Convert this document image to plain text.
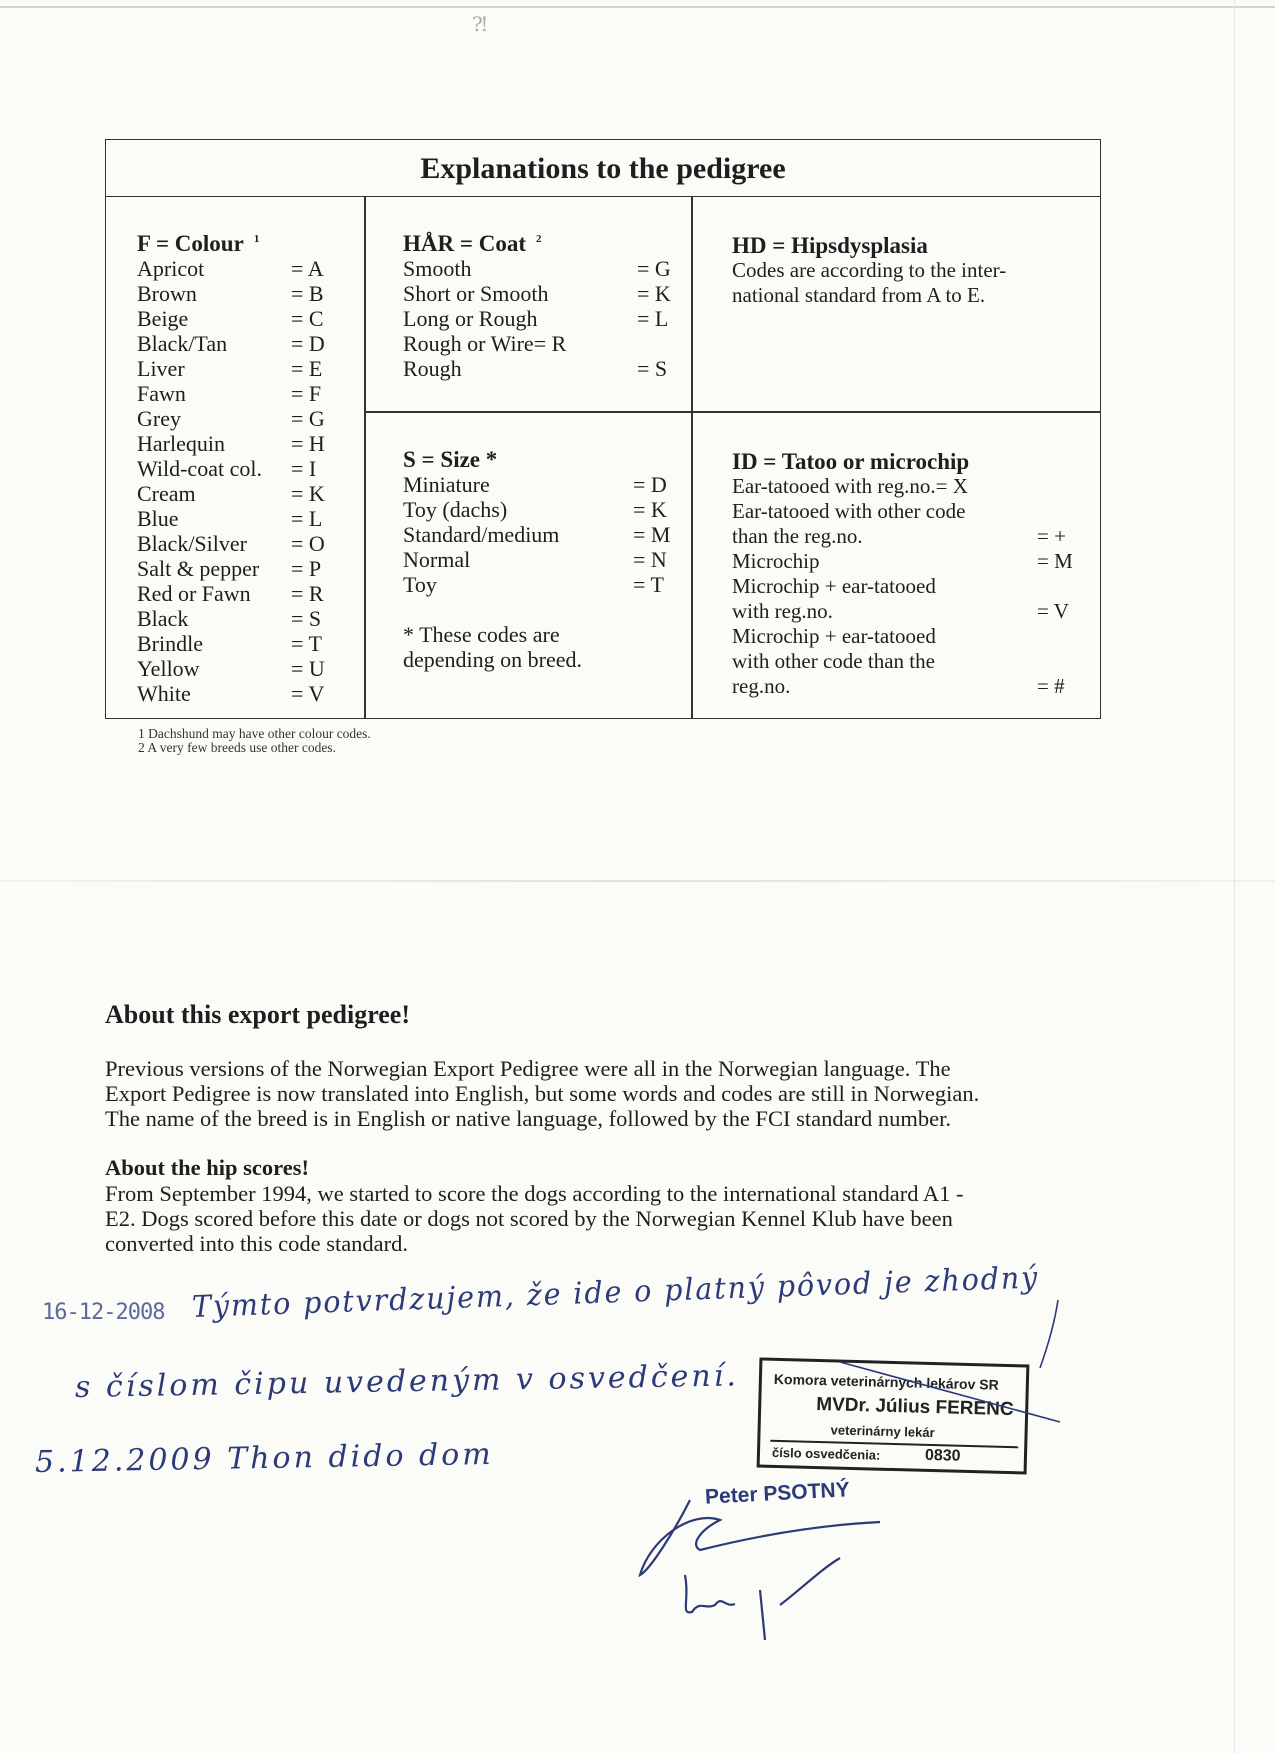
⁈
Explanations to the pedigree
F = Colour $^1$
Apricot	= A
Brown	= B
Beige	= C
Black/Tan	= D
Liver	= E
Fawn	= F
Grey	= G
Harlequin	= H
Wild-coat col. = I
Cream	= K
Blue	= L
Black/Silver = O
Salt & pepper = P
Red or Fawn = R
Black	= S
Brindle	= T
Yellow	= U
White	= V
HÅR = Coat $^2$
Smooth	= G
Short or Smooth	= K
Long or Rough	= L
Rough or Wire= R
Rough	= S
HD = Hipsdysplasia
Codes are according to the inter-
national standard from A to E.
S = Size *
Miniature	= D
Toy (dachs)	= K
Standard/medium	= M
Normal	= N
Toy	= T
* These codes are
depending on breed.
ID = Tatoo or microchip
Ear-tatooed with reg.no.= X
Ear-tatooed with other code
than the reg.no.	= +
Microchip	= M
Microchip + ear-tatooed
with reg.no.	= V
Microchip + ear-tatooed
with other code than the
reg.no.	= #
1 Dachshund may have other colour codes.
2 A very few breeds use other codes.
About this export pedigree!
Previous versions of the Norwegian Export Pedigree were all in the Norwegian language. The
Export Pedigree is now translated into English, but some words and codes are still in Norwegian.
The name of the breed is in English or native language, followed by the FCI standard number.
About the hip scores!
From September 1994, we started to score the dogs according to the international standard A1 -
E2. Dogs scored before this date or dogs not scored by the Norwegian Kennel Klub have been
converted into this code standard.
16-12-2008 Týmto potvrdzujem, že ide o platný pôvod je zhodný
s číslom čipu uvedeným v osvedčení.
5.12.2009 Thon dido dom
Komora veterinárnych lekárov SR
MVDr. Július FERENC
veterinárny lekár
číslo osvedčenia:	0830
Peter PSOTNÝ
